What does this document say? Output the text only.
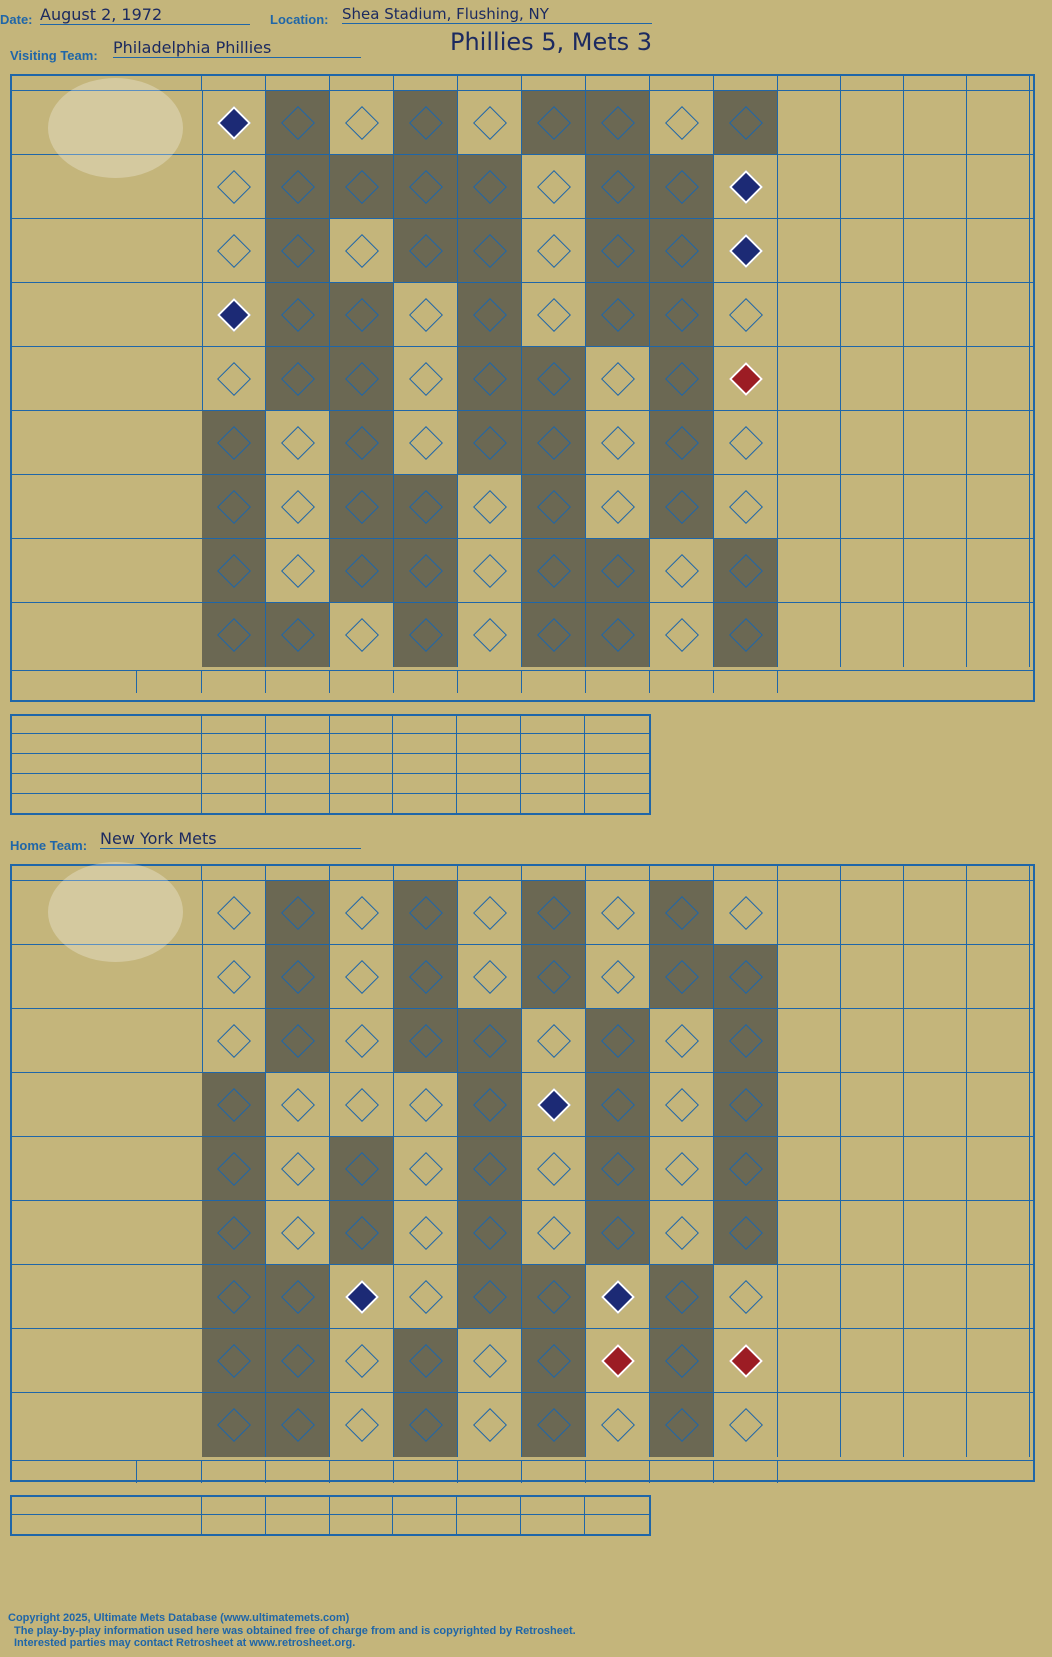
Date: August 2, 1972	Location: Shea Stadium, Flushing, NY
Visiting Team: Philadelphia Phillies	Phillies 5, Mets 3
Home Team: New York Mets
Copyright 2025, Ultimate Mets Database (www.ultimatemets.com)
The play-by-play information used here was obtained free of charge from and is copyrighted by Retrosheet.
Interested parties may contact Retrosheet at www.retrosheet.org.
